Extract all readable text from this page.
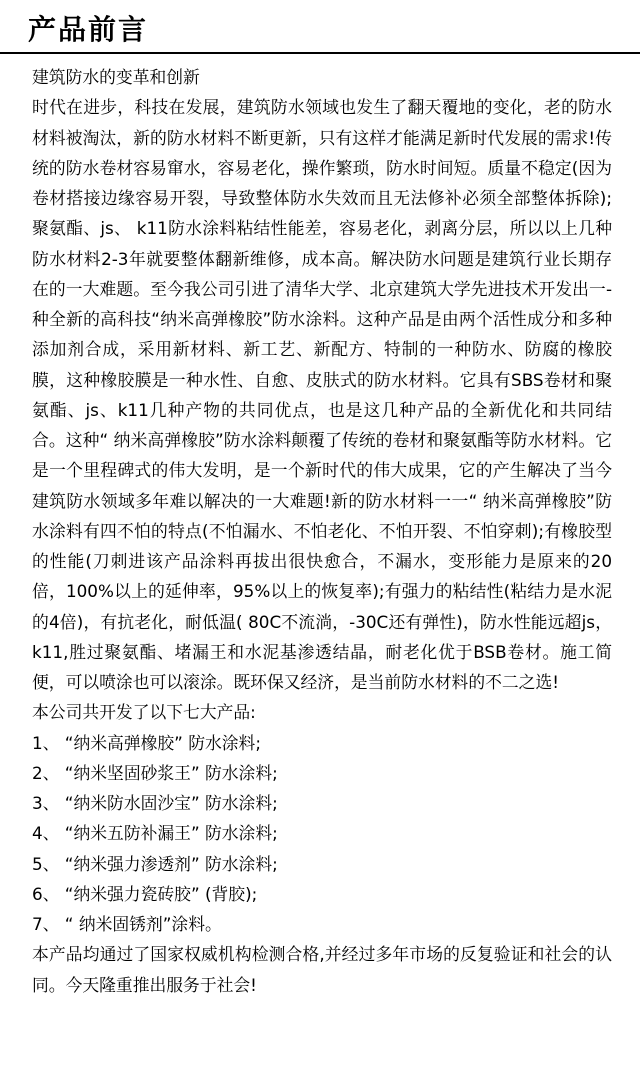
产品前言

建筑防水的变革和创新

时代在进步，科技在发展，建筑防水领域也发生了翻天覆地的变化，老的防水材料被淘汰，新的防水材料不断更新，只有这样才能满足新时代发展的需求!传统的防水卷材容易窜水，容易老化，操作繁琐，防水时间短。质量不稳定(因为卷材搭接边缘容易开裂，导致整体防水失效而且无法修补必须全部整体拆除);聚氨酯、js、 k11防水涂料粘结性能差，容易老化，剥离分层，所以以上几种防水材料2-3年就要整体翻新维修，成本高。解决防水问题是建筑行业长期存在的一大难题。至今我公司引进了清华大学、北京建筑大学先进技术开发出一-种全新的高科技“纳米高弹橡胶”防水涂料。这种产品是由两个活性成分和多种添加剂合成，采用新材料、新工艺、新配方、特制的一种防水、防腐的橡胶膜，这种橡胶膜是一种水性、自愈、皮肤式的防水材料。它具有SBS卷材和聚氨酯、js、k11几种产物的共同优点，也是这几种产品的全新优化和共同结合。这种“ 纳米高弹橡胶”防水涂料颠覆了传统的卷材和聚氨酯等防水材料。它是一个里程碑式的伟大发明，是一个新时代的伟大成果，它的产生解决了当今建筑防水领域多年难以解决的一大难题!新的防水材料一一“ 纳米高弹橡胶”防水涂料有四不怕的特点(不怕漏水、不怕老化、不怕开裂、不怕穿刺);有橡胶型的性能(刀刺进该产品涂料再拔出很快愈合，不漏水，变形能力是原来的20倍，100%以上的延伸率，95%以上的恢复率);有强力的粘结性(粘结力是水泥的4倍)，有抗老化，耐低温( 80C不流淌，-30C还有弹性)，防水性能远超js，k11,胜过聚氨酯、堵漏王和水泥基渗透结晶，耐老化优于BSB卷材。施工简便，可以喷涂也可以滚涂。既环保又经济，是当前防水材料的不二之选!

本公司共开发了以下七大产品:

1、 “纳米高弹橡胶” 防水涂料;
2、 “纳米坚固砂浆王” 防水涂料;
3、 “纳米防水固沙宝” 防水涂料;
4、 “纳米五防补漏王” 防水涂料;
5、 “纳米强力渗透剂” 防水涂料;
6、 “纳米强力瓷砖胶” (背胶);
7、 “ 纳米固锈剂”涂料。

本产品均通过了国家权威机构检测合格,并经过多年市场的反复验证和社会的认同。今天隆重推出服务于社会!
